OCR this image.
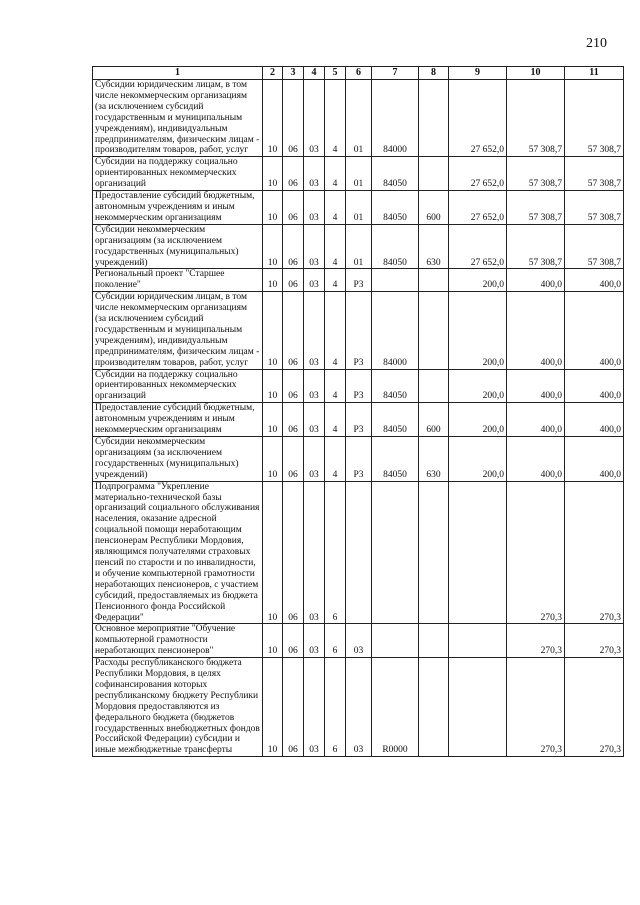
210
1	2	3	4	5	6	7	8	9	10	11
Субсидии юридическим лицам, в том числе некоммерческим организациям (за исключением субсидий государственным и муниципальным учреждениям), индивидуальным предпринимателям, физическим лицам - производителям товаров, работ, услуг	10	06	03	4	01	84000		27 652,0	57 308,7	57 308,7
Субсидии на поддержку социально ориентированных некоммерческих организаций	10	06	03	4	01	84050		27 652,0	57 308,7	57 308,7
Предоставление субсидий бюджетным, автономным учреждениям и иным некоммерческим организациям	10	06	03	4	01	84050	600	27 652,0	57 308,7	57 308,7
Субсидии некоммерческим организациям (за исключением государственных (муниципальных) учреждений)	10	06	03	4	01	84050	630	27 652,0	57 308,7	57 308,7
Региональный проект "Старшее поколение"	10	06	03	4	P3			200,0	400,0	400,0
Субсидии юридическим лицам, в том числе некоммерческим организациям (за исключением субсидий государственным и муниципальным учреждениям), индивидуальным предпринимателям, физическим лицам - производителям товаров, работ, услуг	10	06	03	4	P3	84000		200,0	400,0	400,0
Субсидии на поддержку социально ориентированных некоммерческих организаций	10	06	03	4	P3	84050		200,0	400,0	400,0
Предоставление субсидий бюджетным, автономным учреждениям и иным некоммерческим организациям	10	06	03	4	P3	84050	600	200,0	400,0	400,0
Субсидии некоммерческим организациям (за исключением государственных (муниципальных) учреждений)	10	06	03	4	P3	84050	630	200,0	400,0	400,0
Подпрограмма "Укрепление материально-технической базы организаций социального обслуживания населения, оказание адресной социальной помощи неработающим пенсионерам Республики Мордовия, являющимся получателями страховых пенсий по старости и по инвалидности, и обучение компьютерной грамотности неработающих пенсионеров, с участием субсидий, предоставляемых из бюджета Пенсионного фонда Российской Федерации"	10	06	03	6					270,3	270,3
Основное мероприятие "Обучение компьютерной грамотности неработающих пенсионеров"	10	06	03	6	03				270,3	270,3
Расходы республиканского бюджета Республики Мордовия, в целях софинансирования которых республиканскому бюджету Республики Мордовия предоставляются из федерального бюджета (бюджетов государственных внебюджетных фондов Российской Федерации) субсидии и иные межбюджетные трансферты	10	06	03	6	03	R0000			270,3	270,3
